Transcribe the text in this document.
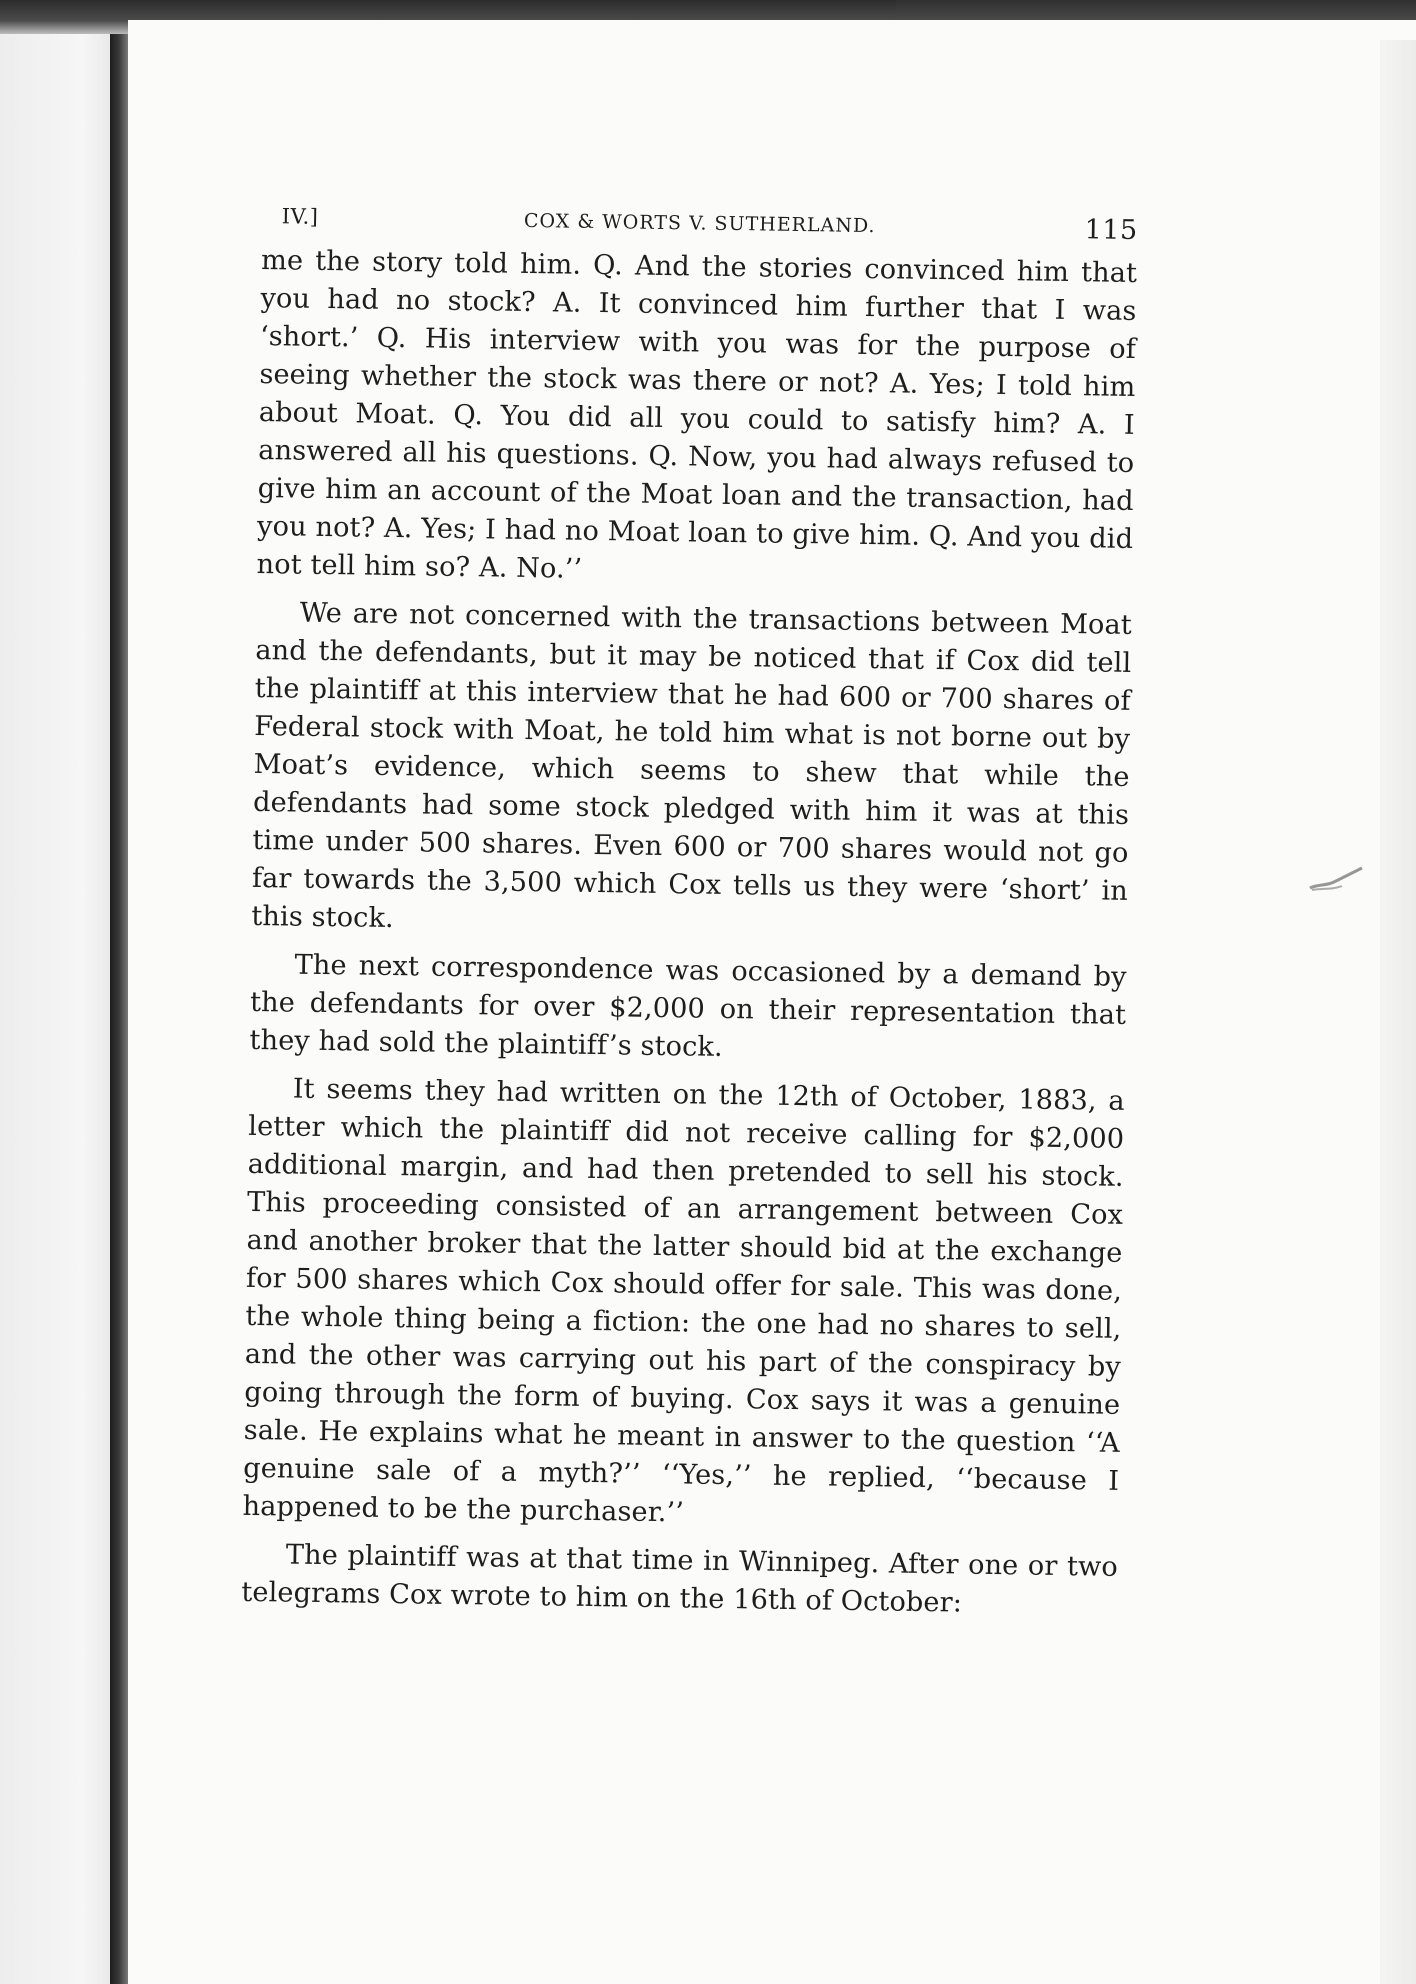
IV.]	COX & WORTS V. SUTHERLAND.	115

me the story told him. Q. And the stories convinced him that you had no stock? A. It convinced him further that I was ‘short.’ Q. His interview with you was for the purpose of seeing whether the stock was there or not? A. Yes; I told him about Moat. Q. You did all you could to satisfy him? A. I answered all his questions. Q. Now, you had always refused to give him an account of the Moat loan and the transaction, had you not? A. Yes; I had no Moat loan to give him. Q. And you did not tell him so? A. No.’’

We are not concerned with the transactions between Moat and the defendants, but it may be noticed that if Cox did tell the plaintiff at this interview that he had 600 or 700 shares of Federal stock with Moat, he told him what is not borne out by Moat’s evidence, which seems to shew that while the defendants had some stock pledged with him it was at this time under 500 shares. Even 600 or 700 shares would not go far towards the 3,500 which Cox tells us they were ‘short’ in this stock.

The next correspondence was occasioned by a demand by the defendants for over $2,000 on their representation that they had sold the plaintiff’s stock.

It seems they had written on the 12th of October, 1883, a letter which the plaintiff did not receive calling for $2,000 additional margin, and had then pretended to sell his stock. This proceeding consisted of an arrangement between Cox and another broker that the latter should bid at the exchange for 500 shares which Cox should offer for sale. This was done, the whole thing being a fiction: the one had no shares to sell, and the other was carrying out his part of the conspiracy by going through the form of buying. Cox says it was a genuine sale. He explains what he meant in answer to the question ‘‘A genuine sale of a myth?’’ ‘‘Yes,’’ he replied, ‘‘because I happened to be the purchaser.’’

The plaintiff was at that time in Winnipeg. After one or two telegrams Cox wrote to him on the 16th of October:
